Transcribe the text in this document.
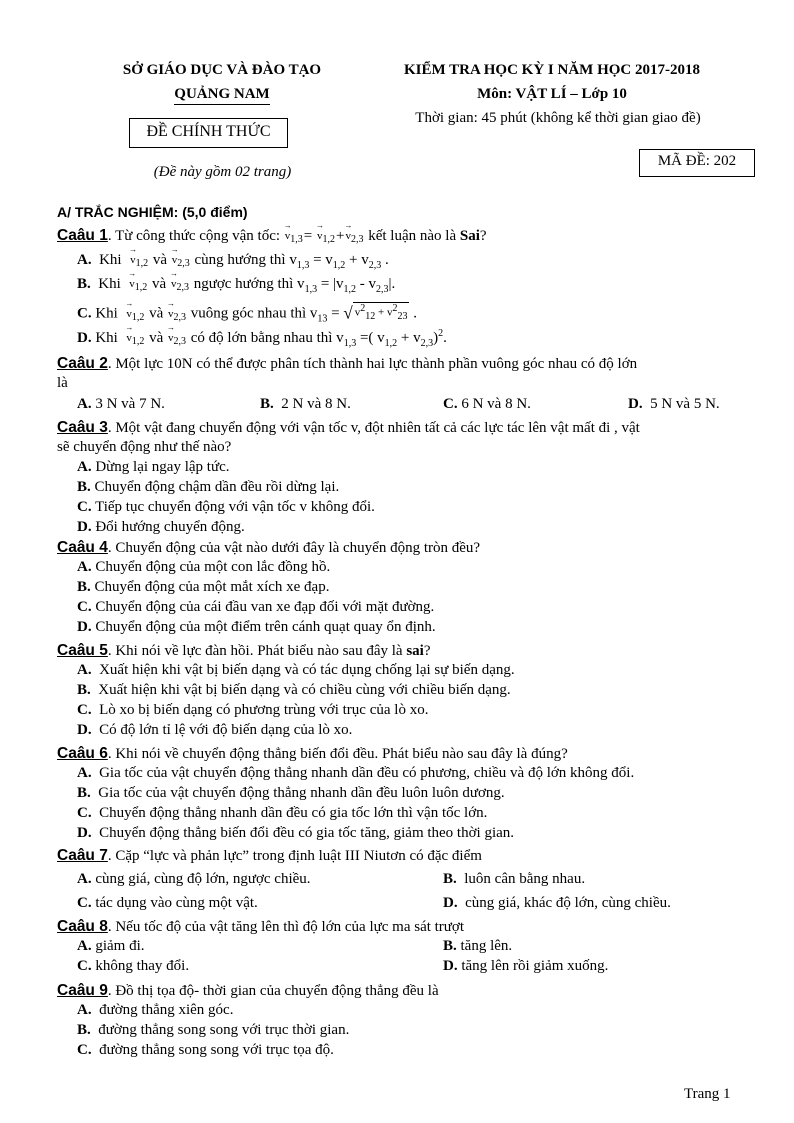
SỞ GIÁO DỤC VÀ ĐÀO TẠO
QUẢNG NAM
ĐỀ CHÍNH THỨC
(Đề này gồm 02 trang)
KIỂM TRA HỌC KỲ I NĂM HỌC 2017-2018
Môn: VẬT LÍ – Lớp 10
Thời gian: 45 phút (không kể thời gian giao đề)
MÃ ĐỀ: 202
A/ TRẮC NGHIỆM: (5,0 điểm)
Caâu 1. Từ công thức cộng vận tốc: → $v_{1,3}= \to v_{1,2}+\to v_{2,3}$ kết luận nào là Sai?
A.  Khi  → $v_{1,2}$ và → $v_{2,3}$ cùng hướng thì $v_{1,3} = v_{1,2} + v_{2,3}$ .
B.  Khi  → $v_{1,2}$ và → $v_{2,3}$ ngược hướng thì $v_{1,3} = |v_{1,2} - v_{2,3}|$.
C. Khi  → $v_{1,2}$ và → $v_{2,3}$ vuông góc nhau thì $v_{13}$ = √ $v^2_{12} + v^2_{23}$ .
D. Khi  → $v_{1,2}$ và → $v_{2,3}$ có độ lớn bằng nhau thì $v_{1,3}$ =( $v_{1,2} + v_{2,3})^2$.
Caâu 2. Một lực 10N có thể được phân tích thành hai lực thành phần vuông góc nhau có độ lớn
là
A. 3 N và 7 N.	B. 2 N và 8 N.	C. 6 N và 8 N.	D. 5 N và 5 N.
Caâu 3. Một vật đang chuyển động với vận tốc v, đột nhiên tất cả các lực tác lên vật mất đi , vật
sẽ chuyển động như thế nào?
A. Dừng lại ngay lập tức.
B. Chuyển động chậm dần đều rồi dừng lại.
C. Tiếp tục chuyển động với vận tốc v không đổi.
D. Đổi hướng chuyển động.
Caâu 4. Chuyển động của vật nào dưới đây là chuyển động tròn đều?
A. Chuyển động của một con lắc đồng hồ.
B. Chuyển động của một mắt xích xe đạp.
C. Chuyển động của cái đầu van xe đạp đối với mặt đường.
D. Chuyển động của một điểm trên cánh quạt quay ổn định.
Caâu 5. Khi nói về lực đàn hồi. Phát biểu nào sau đây là sai?
A. Xuất hiện khi vật bị biến dạng và có tác dụng chống lại sự biến dạng.
B. Xuất hiện khi vật bị biến dạng và có chiều cùng với chiều biến dạng.
C. Lò xo bị biến dạng có phương trùng với trục của lò xo.
D. Có độ lớn tỉ lệ với độ biến dạng của lò xo.
Caâu 6. Khi nói về chuyển động thẳng biến đổi đều. Phát biểu nào sau đây là đúng?
A. Gia tốc của vật chuyển động thẳng nhanh dần đều có phương, chiều và độ lớn không đổi.
B. Gia tốc của vật chuyển động thẳng nhanh dần đều luôn luôn dương.
C. Chuyển động thẳng nhanh dần đều có gia tốc lớn thì vận tốc lớn.
D. Chuyển động thẳng biến đổi đều có gia tốc tăng, giảm theo thời gian.
Caâu 7. Cặp “lực và phản lực” trong định luật III Niutơn có đặc điểm
A. cùng giá, cùng độ lớn, ngược chiều.	B. luôn cân bằng nhau.
C. tác dụng vào cùng một vật.	D. cùng giá, khác độ lớn, cùng chiều.
Caâu 8. Nếu tốc độ của vật tăng lên thì độ lớn của lực ma sát trượt
A. giảm đi.	B. tăng lên.
C. không thay đổi.	D. tăng lên rồi giảm xuống.
Caâu 9. Đồ thị tọa độ- thời gian của chuyển động thẳng đều là
A. đường thẳng xiên góc.
B. đường thẳng song song với trục thời gian.
C. đường thẳng song song với trục tọa độ.
Trang 1
